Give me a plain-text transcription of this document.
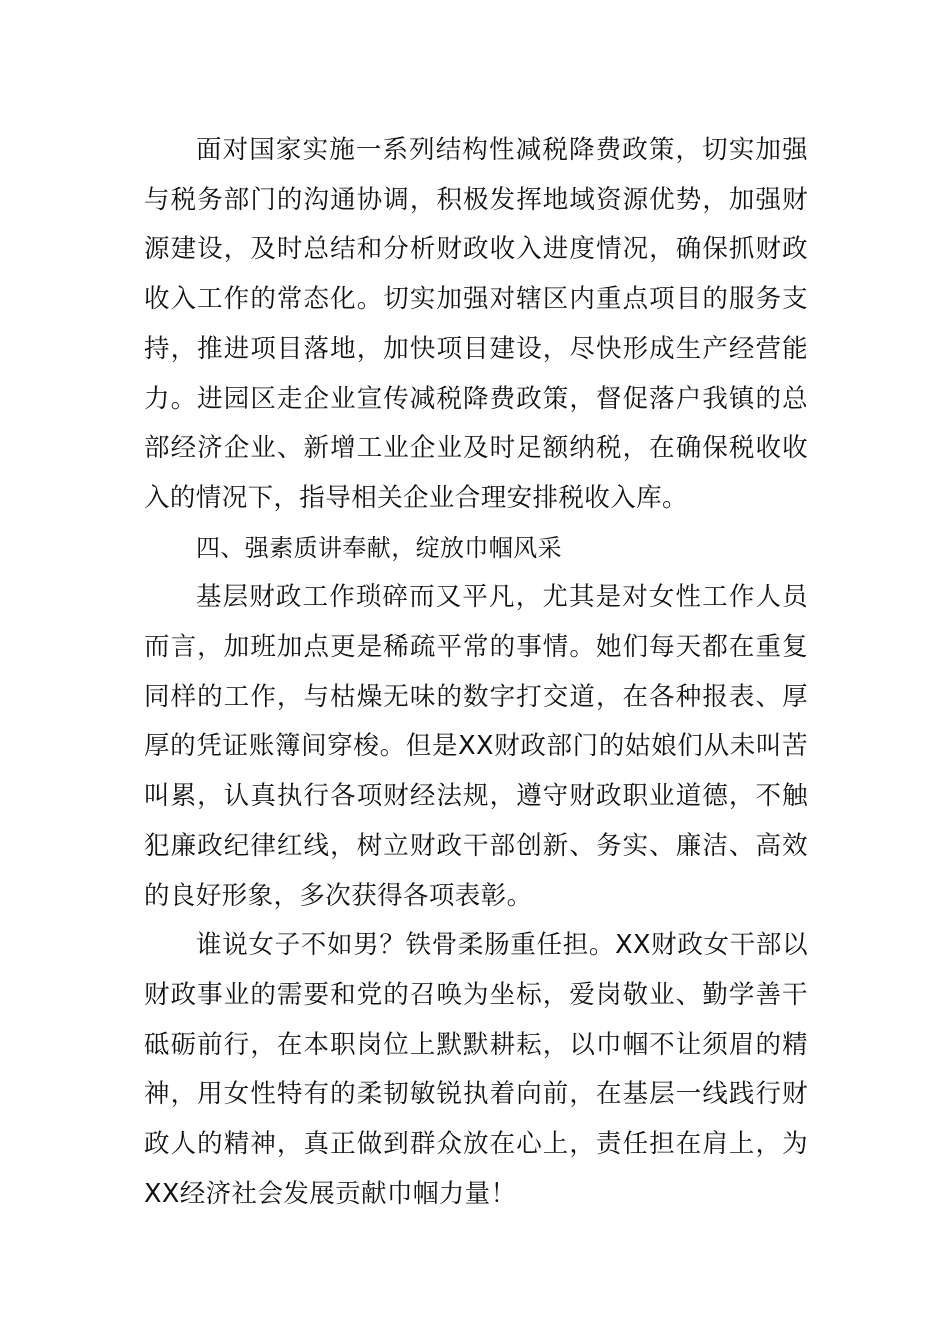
面对国家实施一系列结构性减税降费政策，切实加强与税务部门的沟通协调，积极发挥地域资源优势，加强财源建设，及时总结和分析财政收入进度情况，确保抓财政收入工作的常态化。切实加强对辖区内重点项目的服务支持，推进项目落地，加快项目建设，尽快形成生产经营能力。进园区走企业宣传减税降费政策，督促落户我镇的总部经济企业、新增工业企业及时足额纳税，在确保税收收入的情况下，指导相关企业合理安排税收入库。

四、强素质讲奉献，绽放巾帼风采

基层财政工作琐碎而又平凡，尤其是对女性工作人员而言，加班加点更是稀疏平常的事情。她们每天都在重复同样的工作，与枯燥无味的数字打交道，在各种报表、厚厚的凭证账簿间穿梭。但是XX财政部门的姑娘们从未叫苦叫累，认真执行各项财经法规，遵守财政职业道德，不触犯廉政纪律红线，树立财政干部创新、务实、廉洁、高效的良好形象，多次获得各项表彰。

谁说女子不如男？铁骨柔肠重任担。XX财政女干部以财政事业的需要和党的召唤为坐标，爱岗敬业、勤学善干砥砺前行，在本职岗位上默默耕耘，以巾帼不让须眉的精神，用女性特有的柔韧敏锐执着向前，在基层一线践行财政人的精神，真正做到群众放在心上，责任担在肩上，为XX经济社会发展贡献巾帼力量！
